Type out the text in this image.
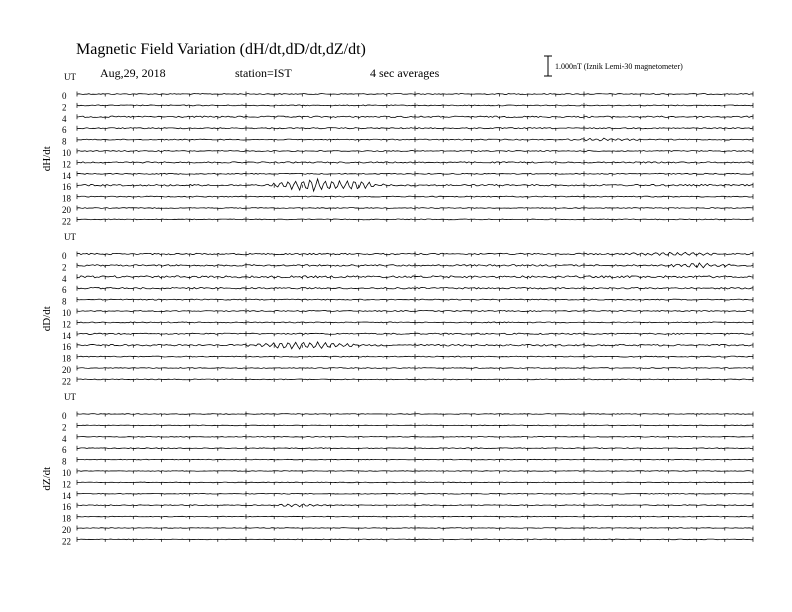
Magnetic Field Variation (dH/dt,dD/dt,dZ/dt)
Aug,29, 2018	station=IST	4 sec averages	1.000nT (Iznik Lemi-30 magnetometer)
UT
dH/dt
0
2
4
6
8
10
12
14
16
18
20
22
UT
dD/dt
0
2
4
6
8
10
12
14
16
18
20
22
UT
dZ/dt
0
2
4
6
8
10
12
14
16
18
20
22
